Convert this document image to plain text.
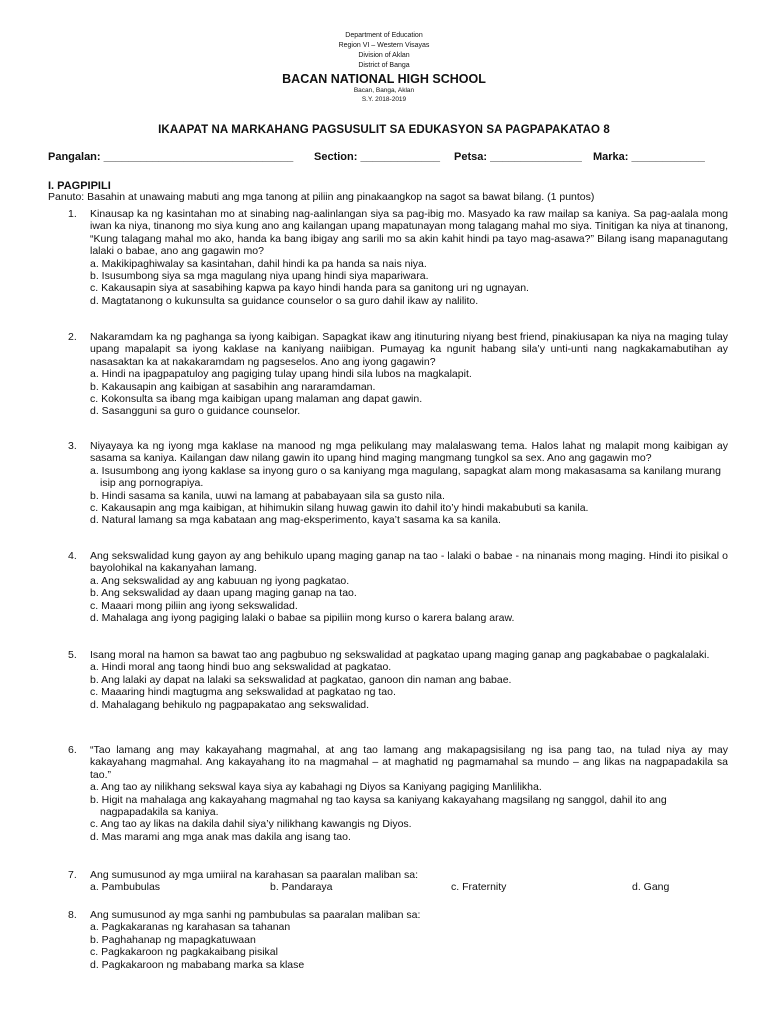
Department of Education
Region VI – Western Visayas
Division of Aklan
District of Banga
BACAN NATIONAL HIGH SCHOOL
Bacan, Banga, Aklan
S.Y. 2018-2019
IKAAPAT NA MARKAHANG PAGSUSULIT SA EDUKASYON SA PAGPAPAKATAO 8
Pangalan: _______________________________ Section: _____________ Petsa: _______________ Marka: ____________
I. PAGPIPILI
Panuto: Basahin at unawaing mabuti ang mga tanong at piliin ang pinakaangkop na sagot sa bawat bilang. (1 puntos)
1. Kinausap ka ng kasintahan mo at sinabing nag-aalinlangan siya sa pag-ibig mo. Masyado ka raw mailap sa kaniya. Sa pag-aalala mong iwan ka niya, tinanong mo siya kung ano ang kailangan upang mapatunayan mong talagang mahal mo siya. Tinitigan ka niya at tinanong, “Kung talagang mahal mo ako, handa ka bang ibigay ang sarili mo sa akin kahit hindi pa tayo mag-asawa?” Bilang isang mapanagutang lalaki o babae, ano ang gagawin mo?
a. Makikipaghiwalay sa kasintahan, dahil hindi ka pa handa sa nais niya.
b. Isusumbong siya sa mga magulang niya upang hindi siya mapariwara.
c. Kakausapin siya at sasabihing kapwa pa kayo hindi handa para sa ganitong uri ng ugnayan.
d. Magtatanong o kukunsulta sa guidance counselor o sa guro dahil ikaw ay nalilito.
2. Nakaramdam ka ng paghanga sa iyong kaibigan. Sapagkat ikaw ang itinuturing niyang best friend, pinakiusapan ka niya na maging tulay upang mapalapit sa iyong kaklase na kaniyang naiibigan. Pumayag ka ngunit habang sila’y unti-unti nang nagkakamabutihan ay nasasaktan ka at nakakaramdam ng pagseselos. Ano ang iyong gagawin?
a. Hindi na ipagpapatuloy ang pagiging tulay upang hindi sila lubos na magkalapit.
b. Kakausapin ang kaibigan at sasabihin ang nararamdaman.
c. Kokonsulta sa ibang mga kaibigan upang malaman ang dapat gawin.
d. Sasangguni sa guro o guidance counselor.
3. Niyayaya ka ng iyong mga kaklase na manood ng mga pelikulang may malalaswang tema. Halos lahat ng malapit mong kaibigan ay sasama sa kaniya. Kailangan daw nilang gawin ito upang hind maging mangmang tungkol sa sex. Ano ang gagawin mo?
a. Isusumbong ang iyong kaklase sa inyong guro o sa kaniyang mga magulang, sapagkat alam mong makasasama sa kanilang murang isip ang pornograpiya.
b. Hindi sasama sa kanila, uuwi na lamang at pababayaan sila sa gusto nila.
c. Kakausapin ang mga kaibigan, at hihimukin silang huwag gawin ito dahil ito’y hindi makabubuti sa kanila.
d. Natural lamang sa mga kabataan ang mag-eksperimento, kaya’t sasama ka sa kanila.
4. Ang sekswalidad kung gayon ay ang behikulo upang maging ganap na tao - lalaki o babae - na ninanais mong maging. Hindi ito pisikal o bayolohikal na kakanyahan lamang.
a. Ang sekswalidad ay ang kabuuan ng iyong pagkatao.
b. Ang sekswalidad ay daan upang maging ganap na tao.
c. Maaari mong piliin ang iyong sekswalidad.
d. Mahalaga ang iyong pagiging lalaki o babae sa pipiliin mong kurso o karera balang araw.
5. Isang moral na hamon sa bawat tao ang pagbubuo ng sekswalidad at pagkatao upang maging ganap ang pagkababae o pagkalalaki.
a. Hindi moral ang taong hindi buo ang sekswalidad at pagkatao.
b. Ang lalaki ay dapat na lalaki sa sekswalidad at pagkatao, ganoon din naman ang babae.
c. Maaaring hindi magtugma ang sekswalidad at pagkatao ng tao.
d. Mahalagang behikulo ng pagpapakatao ang sekswalidad.
6. “Tao lamang ang may kakayahang magmahal, at ang tao lamang ang makapagsisilang ng isa pang tao, na tulad niya ay may kakayahang magmahal. Ang kakayahang ito na magmahal – at maghatid ng pagmamahal sa mundo – ang likas na nagpapadakila sa tao.”
a. Ang tao ay nilikhang sekswal kaya siya ay kabahagi ng Diyos sa Kaniyang pagiging Manlilikha.
b. Higit na mahalaga ang kakayahang magmahal ng tao kaysa sa kaniyang kakayahang magsilang ng sanggol, dahil ito ang nagpapadakila sa kaniya.
c. Ang tao ay likas na dakila dahil siya’y nilikhang kawangis ng Diyos.
d. Mas marami ang mga anak mas dakila ang isang tao.
7. Ang sumusunod ay mga umiiral na karahasan sa paaralan maliban sa:
a. Pambubulas	b. Pandaraya	c. Fraternity	d. Gang
8. Ang sumusunod ay mga sanhi ng pambubulas sa paaralan maliban sa:
a. Pagkakaranas ng karahasan sa tahanan
b. Paghahanap ng mapagkatuwaan
c. Pagkakaroon ng pagkakaibang pisikal
d. Pagkakaroon ng mababang marka sa klase
